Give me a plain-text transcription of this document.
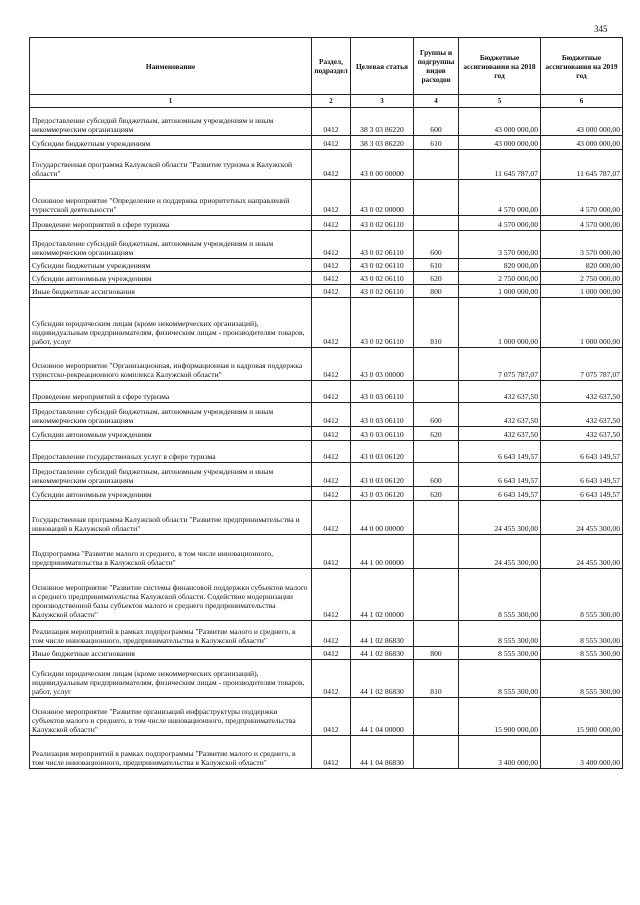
345
Наименование	Раздел, подраздел	Целевая статья	Группы и подгруппы видов расходов	Бюджетные ассигнования на 2018 год	Бюджетные ассигнования на 2019 год
1	2	3	4	5	6
Предоставление субсидий бюджетным, автономным учреждениям и иным некоммерческим организациям	0412	38 3 03 86220	600	43 000 000,00	43 000 000,00
Субсидии бюджетным учреждениям	0412	38 3 03 86220	610	43 000 000,00	43 000 000,00
Государственная программа Калужской области "Развитие туризма в Калужской области"	0412	43 0 00 00000		11 645 787,07	11 645 787,07
Основное мероприятие "Определение и поддержка приоритетных направлений туристской деятельности"	0412	43 0 02 00000		4 570 000,00	4 570 000,00
Проведение мероприятий в сфере туризма	0412	43 0 02 06110		4 570 000,00	4 570 000,00
Предоставление субсидий бюджетным, автономным учреждениям и иным некоммерческим организациям	0412	43 0 02 06110	600	3 570 000,00	3 570 000,00
Субсидии бюджетным учреждениям	0412	43 0 02 06110	610	820 000,00	820 000,00
Субсидии автономным учреждениям	0412	43 0 02 06110	620	2 750 000,00	2 750 000,00
Иные бюджетные ассигнования	0412	43 0 02 06110	800	1 000 000,00	1 000 000,00
Субсидии юридическим лицам (кроме некоммерческих организаций), индивидуальным предпринимателям, физическим лицам - производителям товаров, работ, услуг	0412	43 0 02 06110	810	1 000 000,00	1 000 000,00
Основное мероприятие "Организационная, информационная и кадровая поддержка туристско-рекреационного комплекса Калужской области"	0412	43 0 03 00000		7 075 787,07	7 075 787,07
Проведение мероприятий в сфере туризма	0412	43 0 03 06110		432 637,50	432 637,50
Предоставление субсидий бюджетным, автономным учреждениям и иным некоммерческим организациям	0412	43 0 03 06110	600	432 637,50	432 637,50
Субсидии автономным учреждениям	0412	43 0 03 06110	620	432 637,50	432 637,50
Предоставление государственных услуг в сфере туризма	0412	43 0 03 06120		6 643 149,57	6 643 149,57
Предоставление субсидий бюджетным, автономным учреждениям и иным некоммерческим организациям	0412	43 0 03 06120	600	6 643 149,57	6 643 149,57
Субсидии автономным учреждениям	0412	43 0 03 06120	620	6 643 149,57	6 643 149,57
Государственная программа Калужской области "Развитие предпринимательства и инноваций в Калужской области"	0412	44 0 00 00000		24 455 300,00	24 455 300,00
Подпрограмма "Развитие малого и среднего, в том числе инновационного, предпринимательства в Калужской области"	0412	44 1 00 00000		24 455 300,00	24 455 300,00
Основное мероприятие "Развитие системы финансовой поддержки субъектов малого и среднего предпринимательства Калужской области. Содействие модернизации производственной базы субъектов малого и среднего предпринимательства Калужской области"	0412	44 1 02 00000		8 555 300,00	8 555 300,00
Реализация мероприятий в рамках подпрограммы "Развитие малого и среднего, в том числе инновационного, предпринимательства в Калужской области"	0412	44 1 02 86830		8 555 300,00	8 555 300,00
Иные бюджетные ассигнования	0412	44 1 02 86830	800	8 555 300,00	8 555 300,00
Субсидии юридическим лицам (кроме некоммерческих организаций), индивидуальным предпринимателям, физическим лицам - производителям товаров, работ, услуг	0412	44 1 02 86830	810	8 555 300,00	8 555 300,00
Основное мероприятие "Развитие организаций инфраструктуры поддержки субъектов малого и среднего, в том числе инновационного, предпринимательства Калужской области"	0412	44 1 04 00000		15 900 000,00	15 900 000,00
Реализация мероприятий в рамках подпрограммы "Развитие малого и среднего, в том числе инновационного, предпринимательства в Калужской области"	0412	44 1 04 86830		3 400 000,00	3 400 000,00
